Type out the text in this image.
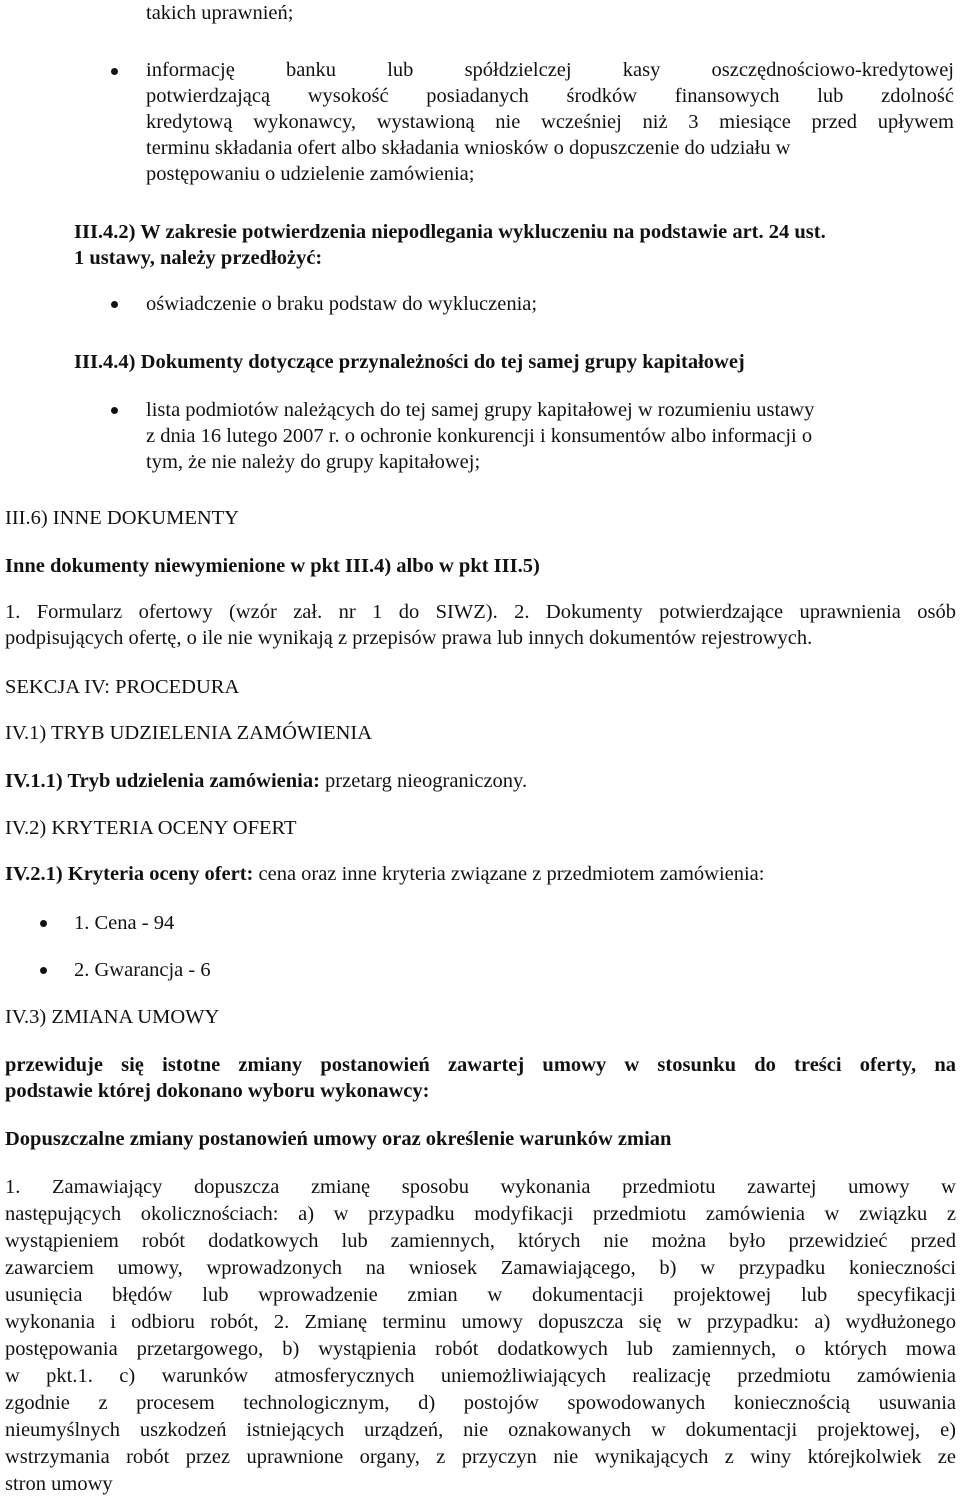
takich uprawnień;
informację banku lub spółdzielczej kasy oszczędnościowo-kredytowej
potwierdzającą wysokość posiadanych środków finansowych lub zdolność
kredytową wykonawcy, wystawioną nie wcześniej niż 3 miesiące przed upływem
terminu składania ofert albo składania wniosków o dopuszczenie do udziału w
postępowaniu o udzielenie zamówienia;
III.4.2) W zakresie potwierdzenia niepodlegania wykluczeniu na podstawie art. 24 ust.
1 ustawy, należy przedłożyć:
oświadczenie o braku podstaw do wykluczenia;
III.4.4) Dokumenty dotyczące przynależności do tej samej grupy kapitałowej
lista podmiotów należących do tej samej grupy kapitałowej w rozumieniu ustawy
z dnia 16 lutego 2007 r. o ochronie konkurencji i konsumentów albo informacji o
tym, że nie należy do grupy kapitałowej;
III.6) INNE DOKUMENTY
Inne dokumenty niewymienione w pkt III.4) albo w pkt III.5)
1. Formularz ofertowy (wzór zał. nr 1 do SIWZ). 2. Dokumenty potwierdzające uprawnienia osób
podpisujących ofertę, o ile nie wynikają z przepisów prawa lub innych dokumentów rejestrowych.
SEKCJA IV: PROCEDURA
IV.1) TRYB UDZIELENIA ZAMÓWIENIA
IV.1.1) Tryb udzielenia zamówienia: przetarg nieograniczony.
IV.2) KRYTERIA OCENY OFERT
IV.2.1) Kryteria oceny ofert: cena oraz inne kryteria związane z przedmiotem zamówienia:
1. Cena - 94
2. Gwarancja - 6
IV.3) ZMIANA UMOWY
przewiduje się istotne zmiany postanowień zawartej umowy w stosunku do treści oferty, na
podstawie której dokonano wyboru wykonawcy:
Dopuszczalne zmiany postanowień umowy oraz określenie warunków zmian
1. Zamawiający dopuszcza zmianę sposobu wykonania przedmiotu zawartej umowy w
następujących okolicznościach: a) w przypadku modyfikacji przedmiotu zamówienia w związku z
wystąpieniem robót dodatkowych lub zamiennych, których nie można było przewidzieć przed
zawarciem umowy, wprowadzonych na wniosek Zamawiającego, b) w przypadku konieczności
usunięcia błędów lub wprowadzenie zmian w dokumentacji projektowej lub specyfikacji
wykonania i odbioru robót, 2. Zmianę terminu umowy dopuszcza się w przypadku: a) wydłużonego
postępowania przetargowego, b) wystąpienia robót dodatkowych lub zamiennych, o których mowa
w pkt.1. c) warunków atmosferycznych uniemożliwiających realizację przedmiotu zamówienia
zgodnie z procesem technologicznym, d) postojów spowodowanych koniecznością usuwania
nieumyślnych uszkodzeń istniejących urządzeń, nie oznakowanych w dokumentacji projektowej, e)
wstrzymania robót przez uprawnione organy, z przyczyn nie wynikających z winy którejkolwiek ze
stron umowy
